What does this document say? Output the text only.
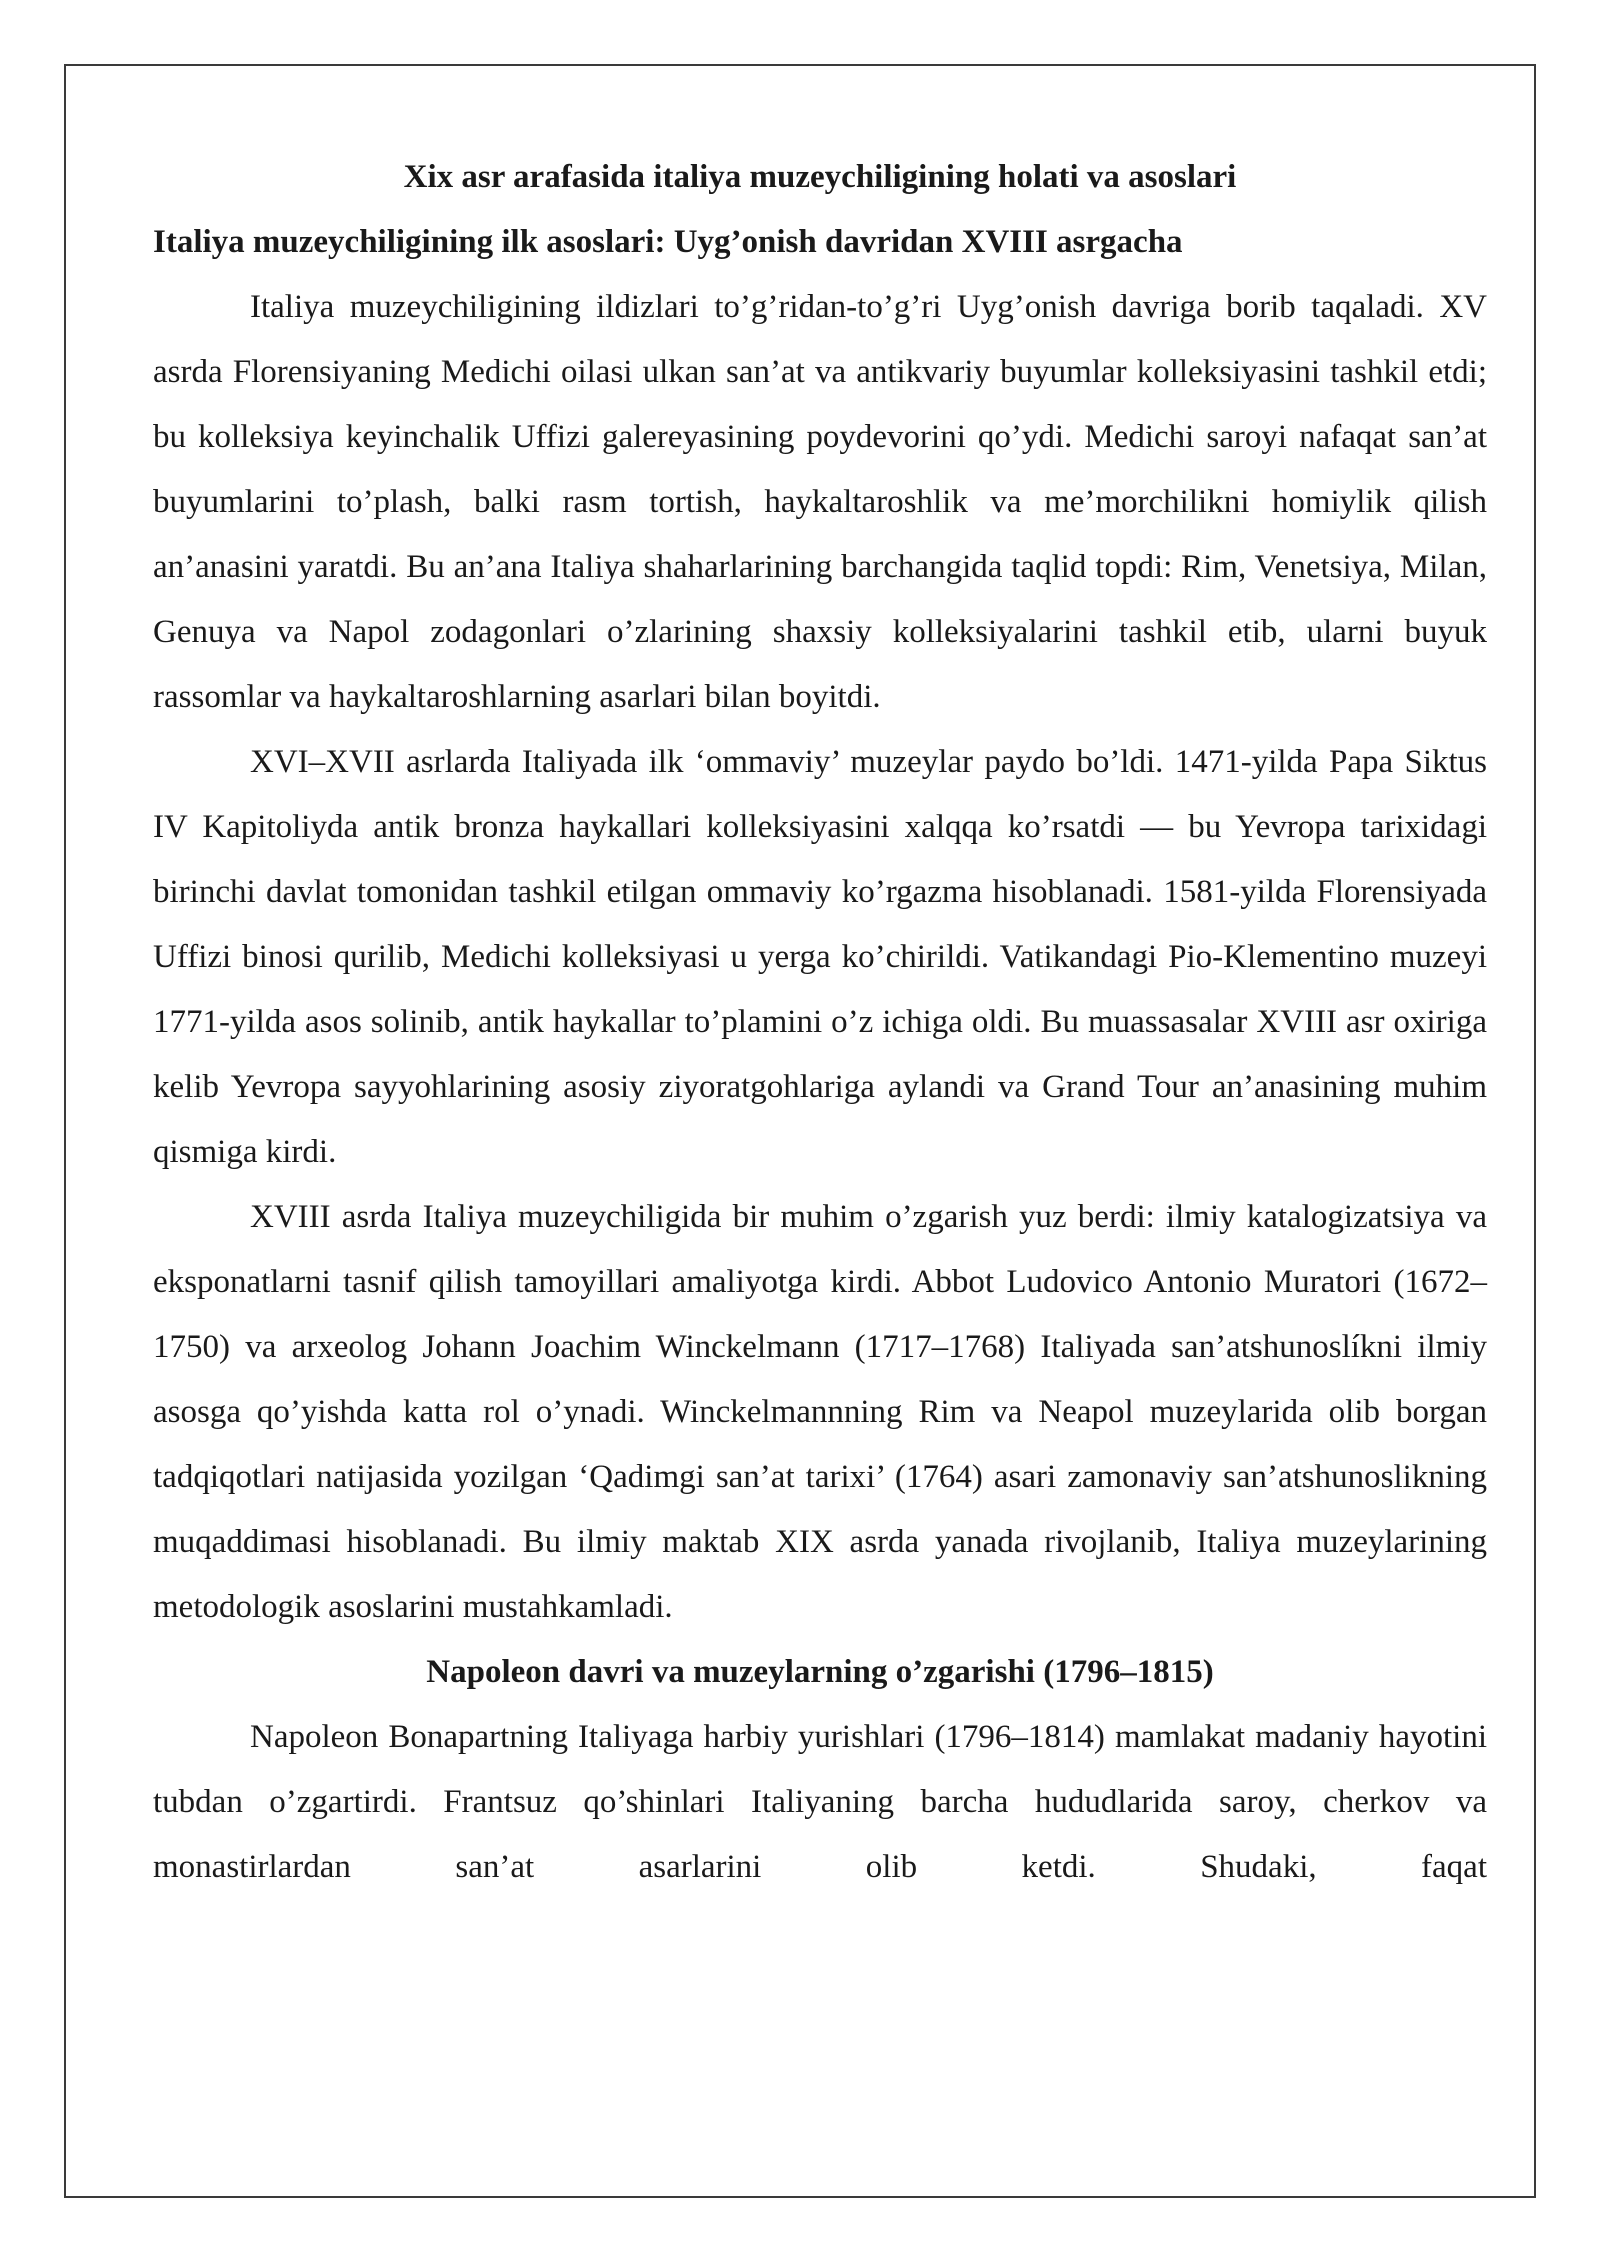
Xix asr arafasida italiya muzeychiligining holati va asoslari
Italiya muzeychiligining ilk asoslari: Uyg’onish davridan XVIII asrgacha

Italiya muzeychiligining ildizlari to’g’ridan-to’g’ri Uyg’onish davriga borib taqaladi. XV asrda Florensiyaning Medichi oilasi ulkan san’at va antikvariy buyumlar kolleksiyasini tashkil etdi; bu kolleksiya keyinchalik Uffizi galereyasining poydevorini qo’ydi. Medichi saroyi nafaqat san’at buyumlarini to’plash, balki rasm tortish, haykaltaroshlik va me’morchilikni homiylik qilish an’anasini yaratdi. Bu an’ana Italiya shaharlarining barchangida taqlid topdi: Rim, Venetsiya, Milan, Genuya va Napol zodagonlari o’zlarining shaxsiy kolleksiyalarini tashkil etib, ularni buyuk rassomlar va haykaltaroshlarning asarlari bilan boyitdi.

XVI–XVII asrlarda Italiyada ilk ‘ommaviy’ muzeylar paydo bo’ldi. 1471-yilda Papa Siktus IV Kapitoliyda antik bronza haykallari kolleksiyasini xalqqa ko’rsatdi — bu Yevropa tarixidagi birinchi davlat tomonidan tashkil etilgan ommaviy ko’rgazma hisoblanadi. 1581-yilda Florensiyada Uffizi binosi qurilib, Medichi kolleksiyasi u yerga ko’chirildi. Vatikandagi Pio-Klementino muzeyi 1771-yilda asos solinib, antik haykallar to’plamini o’z ichiga oldi. Bu muassasalar XVIII asr oxiriga kelib Yevropa sayyohlarining asosiy ziyoratgohlariga aylandi va Grand Tour an’anasining muhim qismiga kirdi.

XVIII asrda Italiya muzeychiligida bir muhim o’zgarish yuz berdi: ilmiy katalogizatsiya va eksponatlarni tasnif qilish tamoyillari amaliyotga kirdi. Abbot Ludovico Antonio Muratori (1672–1750) va arxeolog Johann Joachim Winckelmann (1717–1768) Italiyada san’atshunoslíkni ilmiy asosga qo’yishda katta rol o’ynadi. Winckelmannning Rim va Neapol muzeylarida olib borgan tadqiqotlari natijasida yozilgan ‘Qadimgi san’at tarixi’ (1764) asari zamonaviy san’atshunoslikning muqaddimasi hisoblanadi. Bu ilmiy maktab XIX asrda yanada rivojlanib, Italiya muzeylarining metodologik asoslarini mustahkamladi.

Napoleon davri va muzeylarning o’zgarishi (1796–1815)

Napoleon Bonapartning Italiyaga harbiy yurishlari (1796–1814) mamlakat madaniy hayotini tubdan o’zgartirdi. Frantsuz qo’shinlari Italiyaning barcha hududlarida saroy, cherkov va monastirlardan san’at asarlarini olib ketdi. Shudaki, faqat
